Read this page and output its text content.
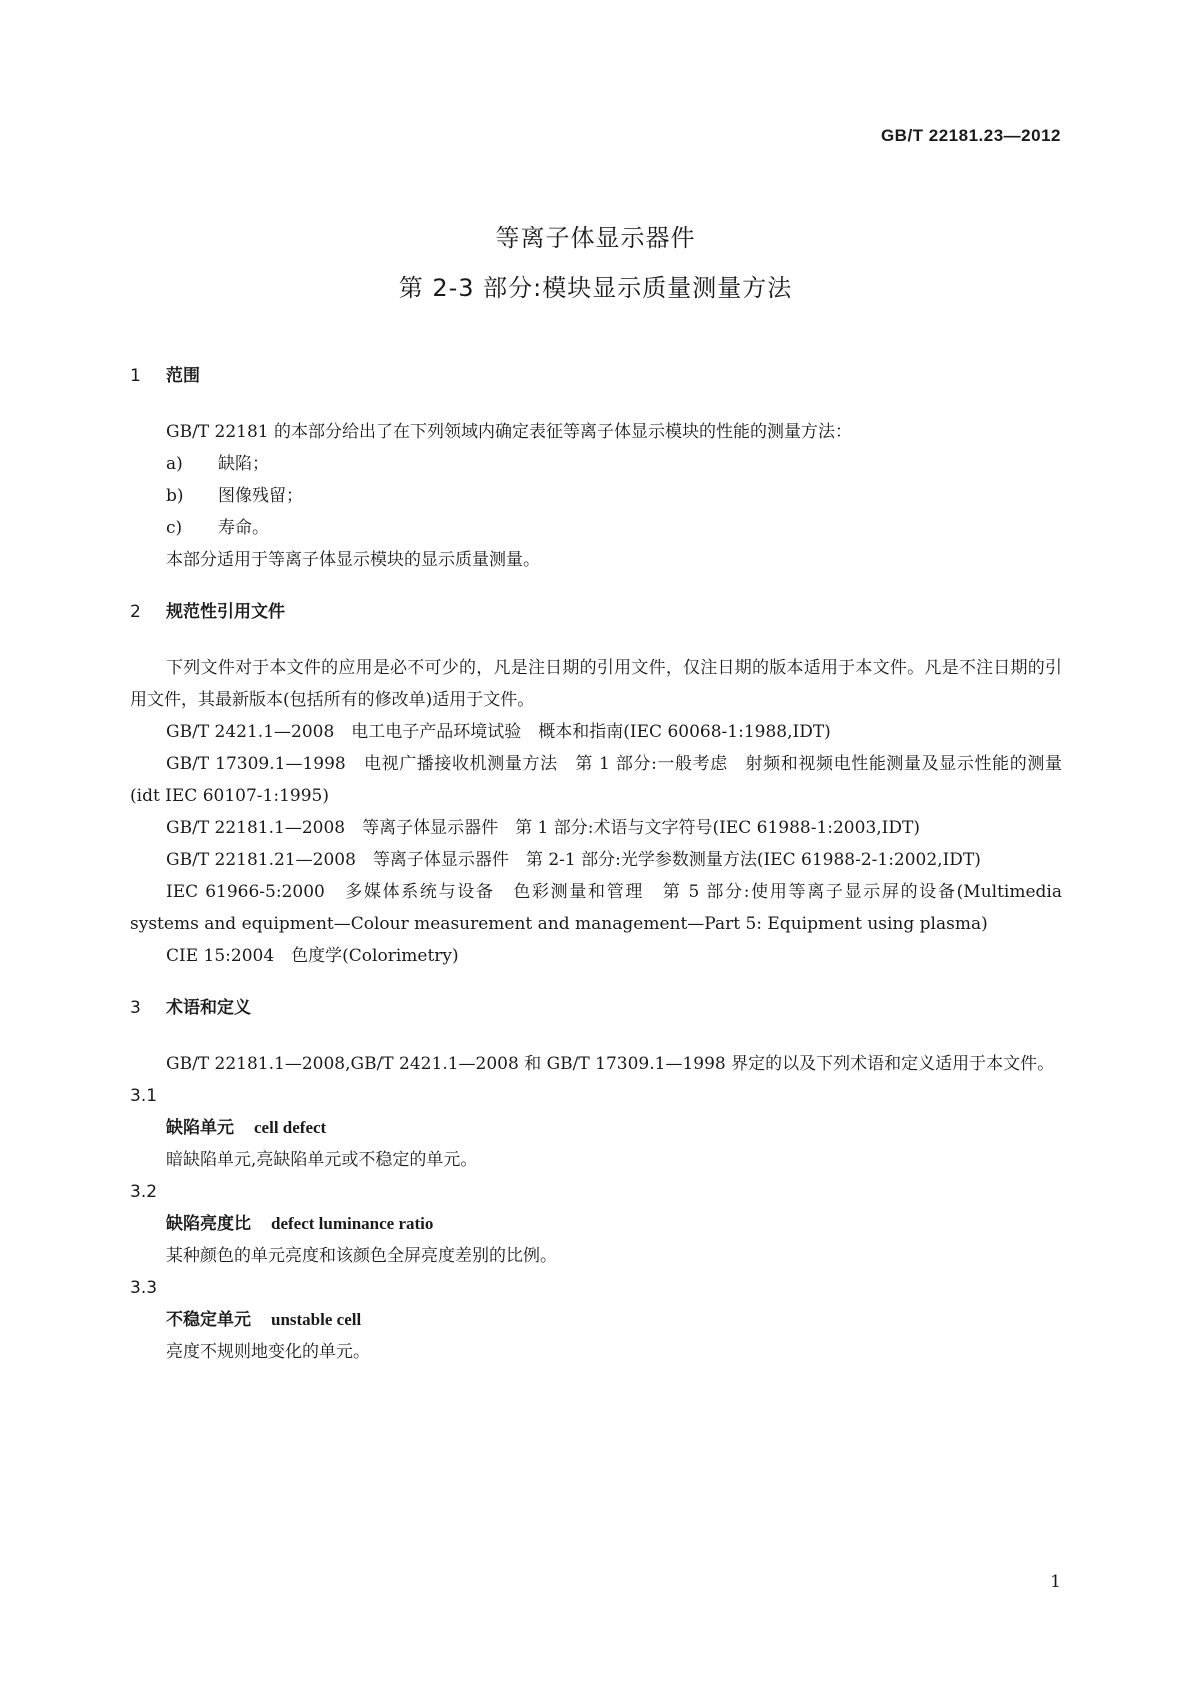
GB/T 22181.23—2012
等离子体显示器件
第 2-3 部分:模块显示质量测量方法
1 范围
GB/T 22181 的本部分给出了在下列领域内确定表征等离子体显示模块的性能的测量方法：
a) 缺陷；
b) 图像残留；
c) 寿命。
本部分适用于等离子体显示模块的显示质量测量。
2 规范性引用文件
下列文件对于本文件的应用是必不可少的，凡是注日期的引用文件，仅注日期的版本适用于本文件。凡是不注日期的引用文件，其最新版本(包括所有的修改单)适用于文件。
GB/T 2421.1—2008　电工电子产品环境试验　概本和指南(IEC 60068-1:1988,IDT)
GB/T 17309.1—1998　电视广播接收机测量方法　第 1 部分:一般考虑　射频和视频电性能测量及显示性能的测量(idt IEC 60107-1:1995)
GB/T 22181.1—2008　等离子体显示器件　第 1 部分:术语与文字符号(IEC 61988-1:2003,IDT)
GB/T 22181.21—2008　等离子体显示器件　第 2-1 部分:光学参数测量方法(IEC 61988-2-1:2002,IDT)
IEC 61966-5:2000　多媒体系统与设备　色彩测量和管理　第 5 部分:使用等离子显示屏的设备(Multimedia systems and equipment—Colour measurement and management—Part 5: Equipment using plasma)
CIE 15:2004　色度学(Colorimetry)
3 术语和定义
GB/T 22181.1—2008,GB/T 2421.1—2008 和 GB/T 17309.1—1998 界定的以及下列术语和定义适用于本文件。
3.1
缺陷单元 cell defect
暗缺陷单元,亮缺陷单元或不稳定的单元。
3.2
缺陷亮度比 defect luminance ratio
某种颜色的单元亮度和该颜色全屏亮度差别的比例。
3.3
不稳定单元 unstable cell
亮度不规则地变化的单元。
1
